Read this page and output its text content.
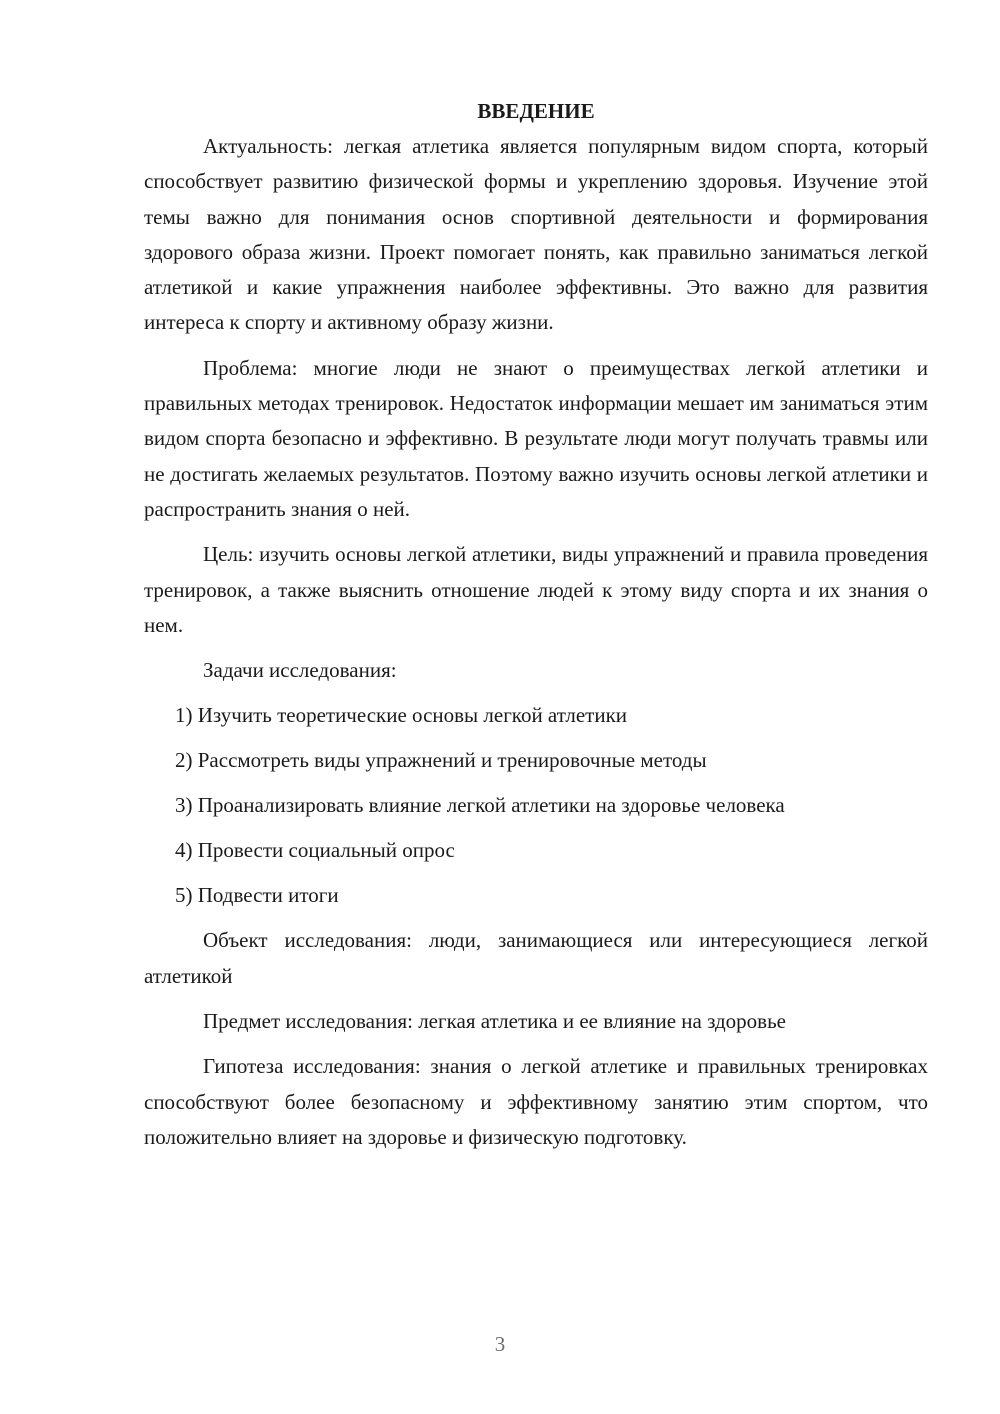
ВВЕДЕНИЕ

Актуальность: легкая атлетика является популярным видом спорта, который способствует развитию физической формы и укреплению здоровья. Изучение этой темы важно для понимания основ спортивной деятельности и формирования здорового образа жизни. Проект помогает понять, как правильно заниматься легкой атлетикой и какие упражнения наиболее эффективны. Это важно для развития интереса к спорту и активному образу жизни.

Проблема: многие люди не знают о преимуществах легкой атлетики и правильных методах тренировок. Недостаток информации мешает им заниматься этим видом спорта безопасно и эффективно. В результате люди могут получать травмы или не достигать желаемых результатов. Поэтому важно изучить основы легкой атлетики и распространить знания о ней.

Цель: изучить основы легкой атлетики, виды упражнений и правила проведения тренировок, а также выяснить отношение людей к этому виду спорта и их знания о нем.

Задачи исследования:

1) Изучить теоретические основы легкой атлетики
2) Рассмотреть виды упражнений и тренировочные методы
3) Проанализировать влияние легкой атлетики на здоровье человека
4) Провести социальный опрос
5) Подвести итоги

Объект исследования: люди, занимающиеся или интересующиеся легкой атлетикой

Предмет исследования: легкая атлетика и ее влияние на здоровье

Гипотеза исследования: знания о легкой атлетике и правильных тренировках способствуют более безопасному и эффективному занятию этим спортом, что положительно влияет на здоровье и физическую подготовку.

3
